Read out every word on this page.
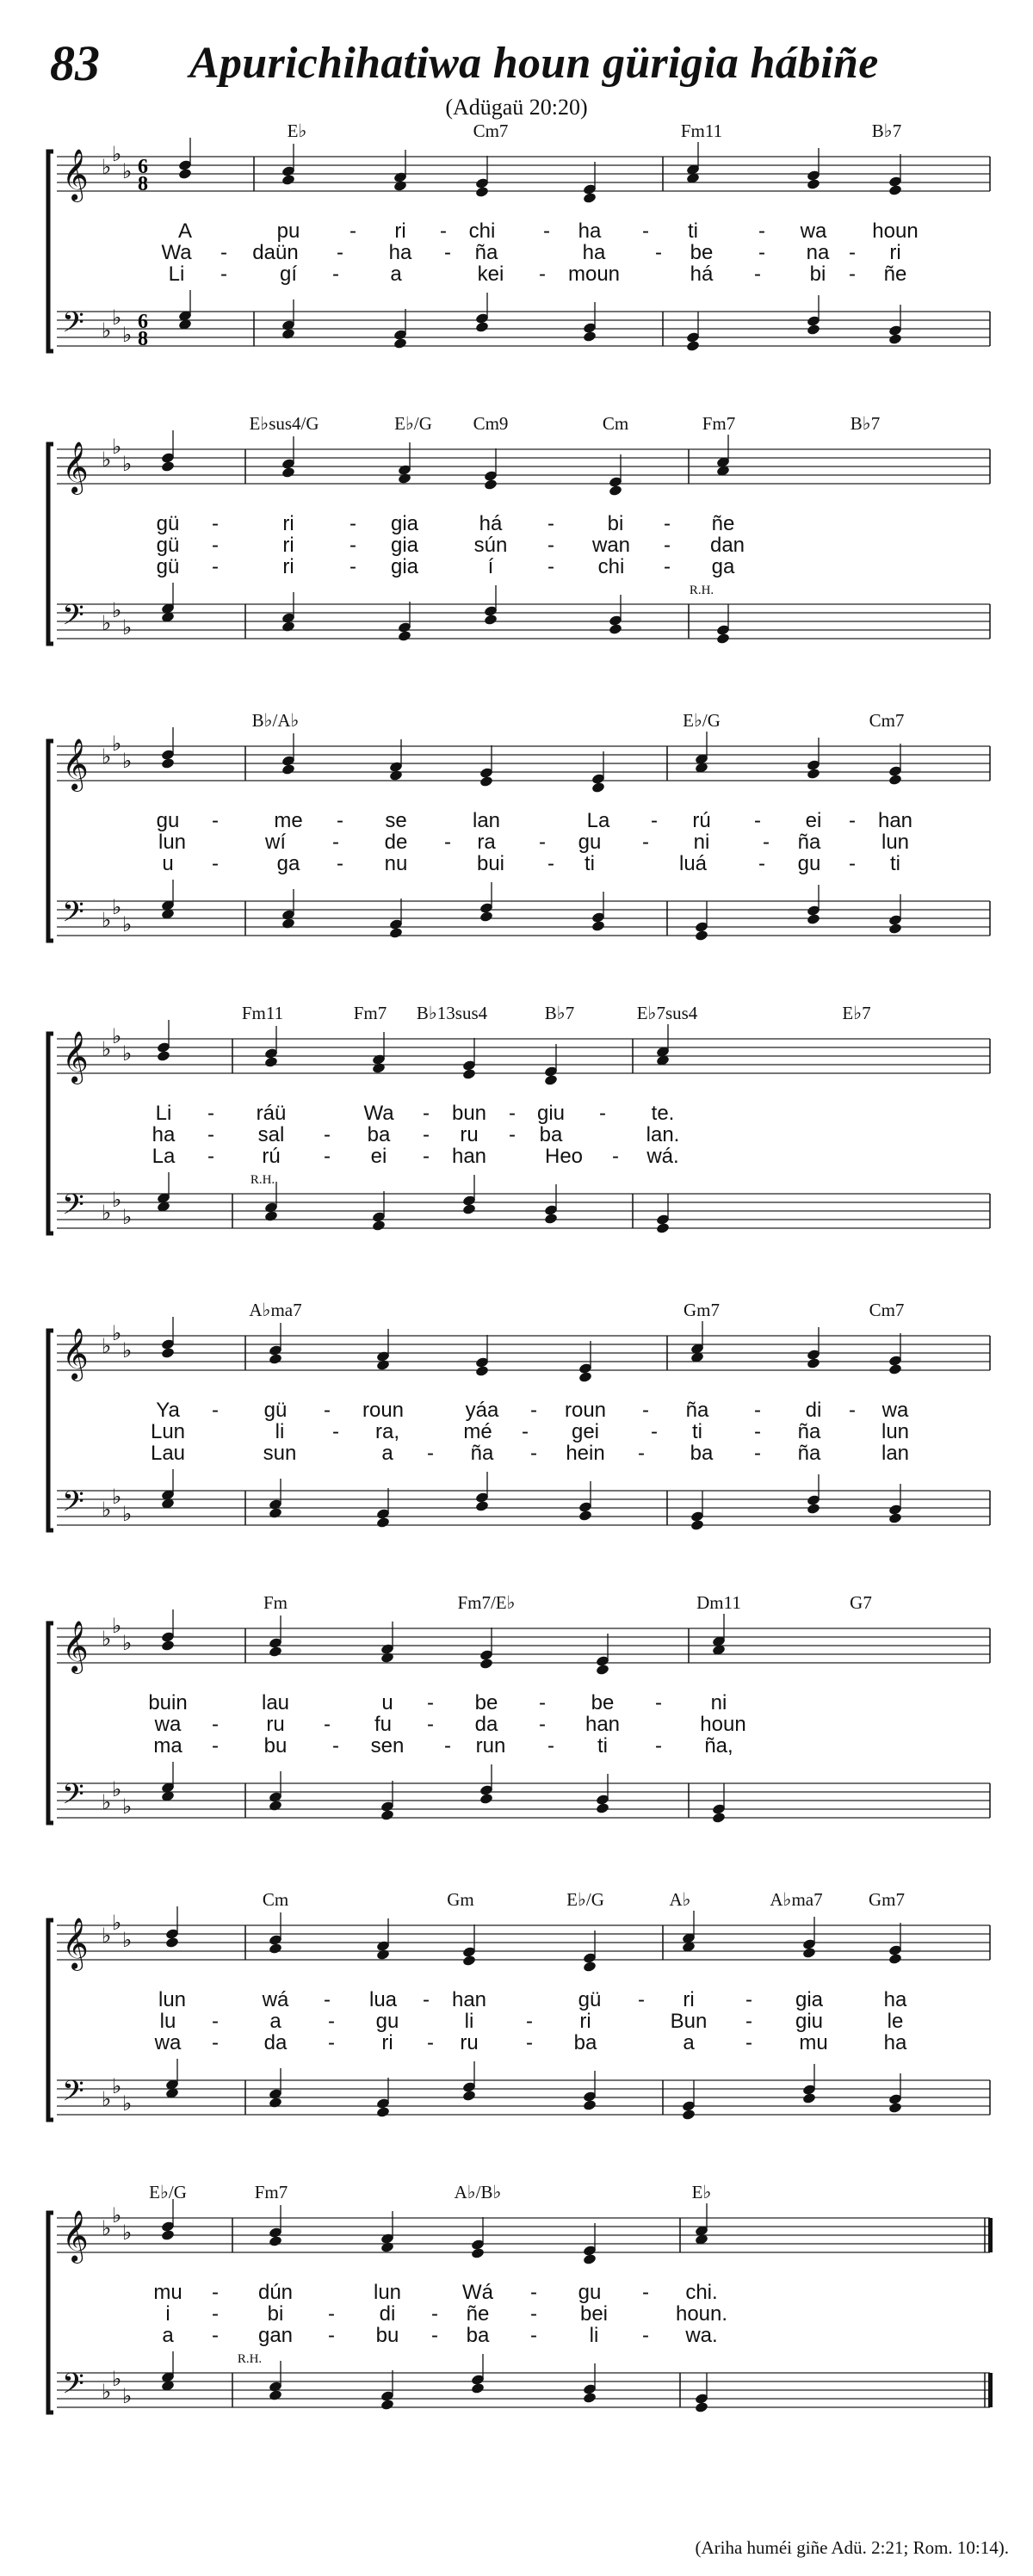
83 Apurichihatiwa houn gürigia hábiñe
(Adügaü 20:20)
𝄞 ♭
♭
♭
𝄢 ♭
♭
♭
6
8
6
8
E♭	Cm7	Fm11	B♭7
A	pu - ri - chi - ha - ti	- wa houn
Wa - daün - ha - ña	ha - be - na - ri
Li -	gí - a	kei - moun	há - bi - ñe
𝄞 ♭
♭
♭
𝄢 ♭
♭
♭
E♭sus4/G	E♭/G Cm9	Cm	Fm7	B♭7
gü -	ri	- gia	há -	bi - ñe
gü -	ri	- gia	sún - wan - dan
gü -	ri	- gia	í	- chi - ga
R.H.
𝄞 ♭
♭
♭
𝄢 ♭
♭
♭
B♭/A♭	E♭/G	Cm7
gu -	me - se	lan	La - rú - ei - han
lun	wí - de - ra - gu - ni	- ña	lun
u -	ga - nu	bui - ti	luá - gu - ti
𝄞 ♭
♭
♭
𝄢 ♭
♭
♭
Fm11	Fm7 B♭13sus4	B♭7	E♭7sus4	E♭7
Li - ráü	Wa - bun - giu - te.
ha - sal - ba - ru - ba	lan.
La - rú - ei - han	Heo - wá.
R.H.
𝄞 ♭
♭
♭
𝄢 ♭
♭
♭
A♭ma7	Gm7	Cm7
Ya - gü - roun	yáa - roun - ña - di - wa
Lun	li - ra,	mé - gei - ti	- ña	lun
Lau	sun	a - ña - hein - ba - ña	lan
𝄞 ♭
♭
♭
𝄢 ♭
♭
♭
Fm	Fm7/E♭	Dm11	G7
buin	lau	u - be - be - ni
wa - ru - fu - da - han	houn
ma - bu - sen - run - ti - ña,
𝄞 ♭
♭
♭
𝄢 ♭
♭
♭
Cm	Gm	E♭/G	A♭	A♭ma7	Gm7
lun	wá - lua - han	gü - ri - gia	ha
lu - a - gu	li	- ri	Bun - giu	le
wa - da - ri - ru - ba	a - mu	ha
𝄞 ♭
♭
♭
𝄢 ♭
♭
♭
E♭/G	Fm7	A♭/B♭	E♭
mu - dún	lun	Wá - gu - chi.
i - bi - di - ñe - bei	houn.
a - gan - bu - ba -	li - wa.
R.H.
(Ariha huméi giñe Adü. 2:21; Rom. 10:14).
